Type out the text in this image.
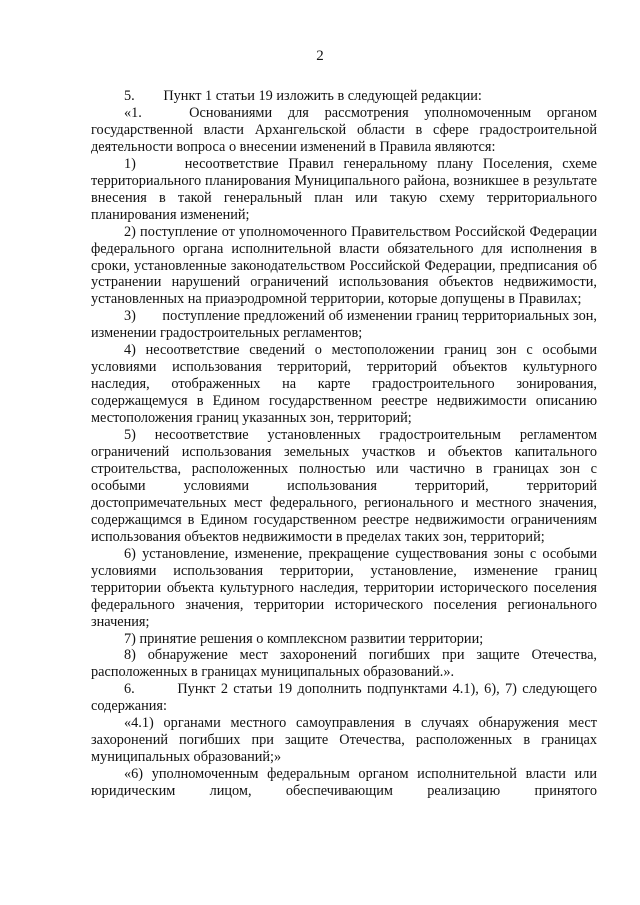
2

5.        Пункт 1 статьи 19 изложить в следующей редакции:

«1.   Основаниями для рассмотрения уполномоченным органом государственной власти Архангельской области в сфере градостроительной деятельности вопроса о внесении изменений в Правила являются:

1)     несоответствие Правил генеральному плану Поселения, схеме территориального планирования Муниципального района, возникшее в результате внесения в такой генеральный план или такую схему территориального планирования изменений;

2) поступление от уполномоченного Правительством Российской Федерации федерального органа исполнительной власти обязательного для исполнения в сроки, установленные законодательством Российской Федерации, предписания об устранении нарушений ограничений использования объектов недвижимости, установленных на приаэродромной территории, которые допущены в Правилах;

3)       поступление предложений об изменении границ территориальных зон, изменении градостроительных регламентов;

4) несоответствие сведений о местоположении границ зон с особыми условиями использования территорий, территорий объектов культурного наследия, отображенных на карте градостроительного зонирования, содержащемуся в Едином государственном реестре недвижимости описанию местоположения границ указанных зон, территорий;

5) несоответствие установленных градостроительным регламентом ограничений использования земельных участков и объектов капитального строительства, расположенных полностью или частично в границах зон с особыми условиями использования территорий, территорий достопримечательных мест федерального, регионального и местного значения, содержащимся в Едином государственном реестре недвижимости ограничениям использования объектов недвижимости в пределах таких зон, территорий;

6) установление, изменение, прекращение существования зоны с особыми условиями использования территории, установление, изменение границ территории объекта культурного наследия, территории исторического поселения федерального значения, территории исторического поселения регионального значения;

7) принятие решения о комплексном развитии территории;

8) обнаружение мест захоронений погибших при защите Отечества, расположенных в границах муниципальных образований.».

6.        Пункт 2 статьи 19 дополнить подпунктами 4.1), 6), 7) следующего содержания:

«4.1) органами местного самоуправления в случаях обнаружения мест захоронений погибших при защите Отечества, расположенных в границах муниципальных образований;»

«6) уполномоченным федеральным органом исполнительной власти или юридическим лицом, обеспечивающим реализацию принятого
